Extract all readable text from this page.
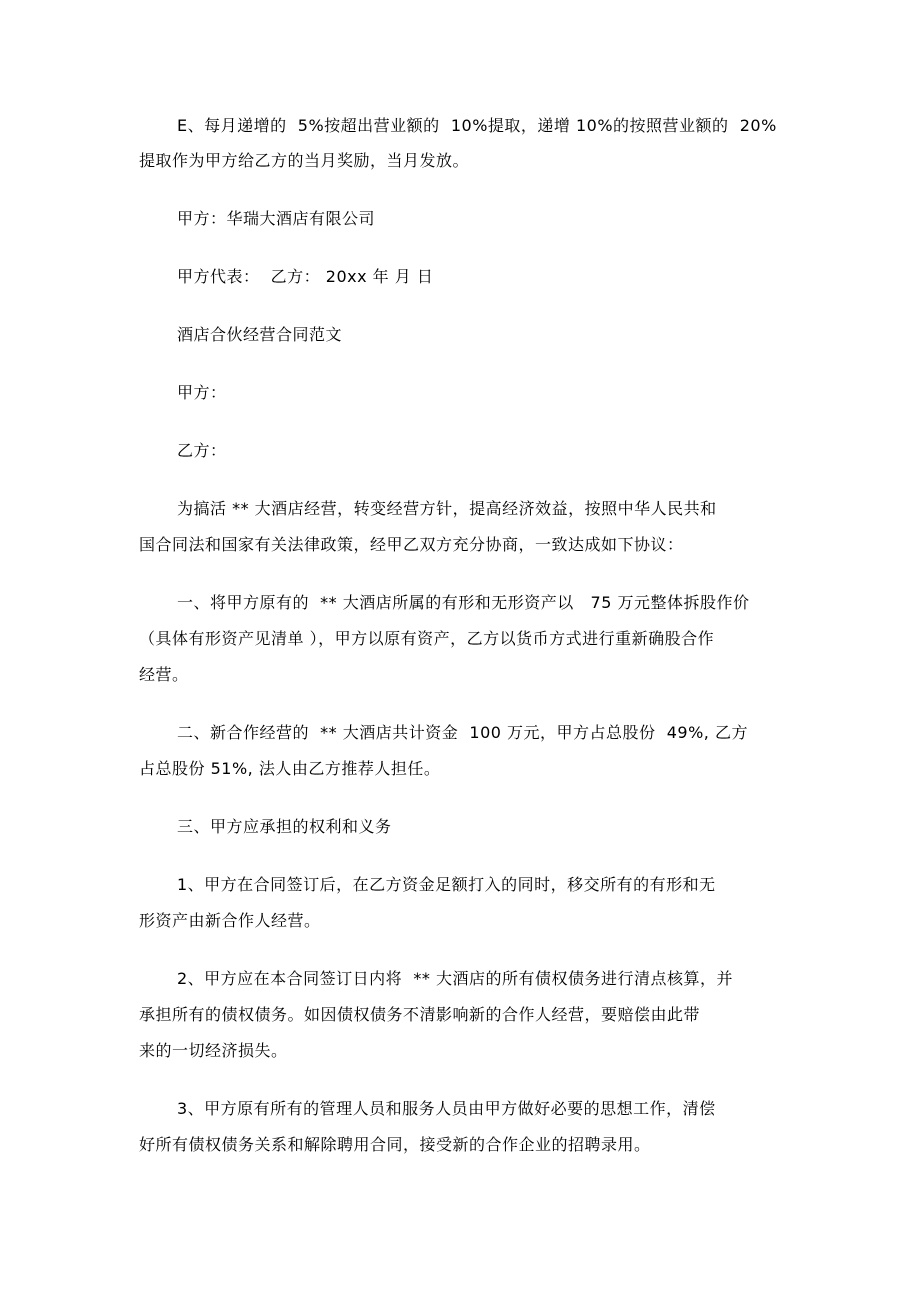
E、每月递增的  5%按超出营业额的  10%提取，递增 10%的按照营业额的  20%

提取作为甲方给乙方的当月奖励，当月发放。

甲方：华瑞大酒店有限公司

甲方代表：  乙方： 20xx 年 月 日

酒店合伙经营合同范文

甲方：

乙方：

为搞活 ** 大酒店经营，转变经营方针，提高经济效益，按照中华人民共和

国合同法和国家有关法律政策，经甲乙双方充分协商，一致达成如下协议：

一、将甲方原有的  ** 大酒店所属的有形和无形资产以   75 万元整体拆股作价

（具体有形资产见清单 ），甲方以原有资产，乙方以货币方式进行重新确股合作

经营。

二、新合作经营的  ** 大酒店共计资金  100 万元，甲方占总股份  49%, 乙方

占总股份 51%, 法人由乙方推荐人担任。

三、甲方应承担的权利和义务

1、甲方在合同签订后，在乙方资金足额打入的同时，移交所有的有形和无

形资产由新合作人经营。

2、甲方应在本合同签订日内将  ** 大酒店的所有债权债务进行清点核算，并

承担所有的债权债务。如因债权债务不清影响新的合作人经营，要赔偿由此带

来的一切经济损失。

3、甲方原有所有的管理人员和服务人员由甲方做好必要的思想工作，清偿

好所有债权债务关系和解除聘用合同，接受新的合作企业的招聘录用。
